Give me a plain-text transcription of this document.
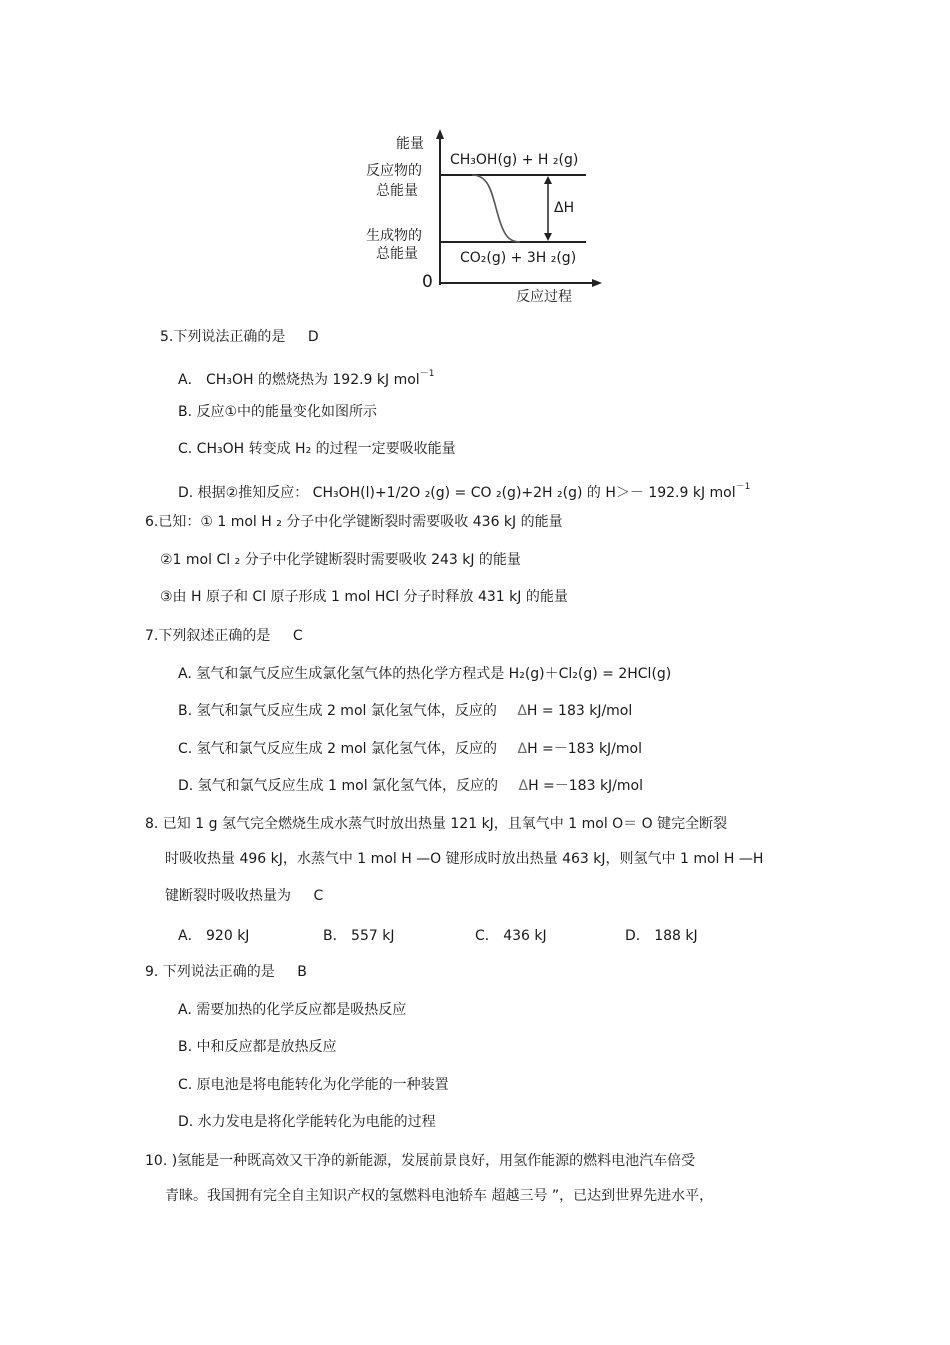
能量
反应物的
总能量
生成物的
总能量
0
CH₃OH(g) + H ₂(g)
CO₂(g) + 3H ₂(g)
ΔH
反应过程
5.下列说法正确的是 D
A． CH₃OH 的燃烧热为 192.9 kJ mol$^{-1}$
B. 反应①中的能量变化如图所示
C. CH₃OH 转变成 H₂ 的过程一定要吸收能量
D. 根据②推知反应： CH₃OH(l)+1/2O ₂(g) = CO ₂(g)+2H ₂(g) 的 H＞－ 192.9 kJ mol$^{-1}$
6.已知：① 1 mol H ₂ 分子中化学键断裂时需要吸收 436 kJ 的能量
②1 mol Cl ₂ 分子中化学键断裂时需要吸收 243 kJ 的能量
③由 H 原子和 Cl 原子形成 1 mol HCl 分子时释放 431 kJ 的能量
7.下列叙述正确的是 C
A. 氢气和氯气反应生成氯化氢气体的热化学方程式是 H₂(g)＋Cl₂(g) = 2HCl(g)
B. 氢气和氯气反应生成 2 mol 氯化氢气体，反应的 ΔH = 183 kJ/mol
C. 氢气和氯气反应生成 2 mol 氯化氢气体，反应的 ΔH =－183 kJ/mol
D. 氢气和氯气反应生成 1 mol 氯化氢气体，反应的 ΔH =－183 kJ/mol
8. 已知 1 g 氢气完全燃烧生成水蒸气时放出热量 121 kJ，且氧气中 1 mol O＝ O 键完全断裂
时吸收热量 496 kJ，水蒸气中 1 mol H —O 键形成时放出热量 463 kJ，则氢气中 1 mol H —H
键断裂时吸收热量为 C
A． 920 kJ	B． 557 kJ	C． 436 kJ	D． 188 kJ
9. 下列说法正确的是 B
A. 需要加热的化学反应都是吸热反应
B. 中和反应都是放热反应
C. 原电池是将电能转化为化学能的一种装置
D. 水力发电是将化学能转化为电能的过程
10. )氢能是一种既高效又干净的新能源，发展前景良好，用氢作能源的燃料电池汽车倍受
青睐。我国拥有完全自主知识产权的氢燃料电池轿车 超越三号 ”，已达到世界先进水平，
